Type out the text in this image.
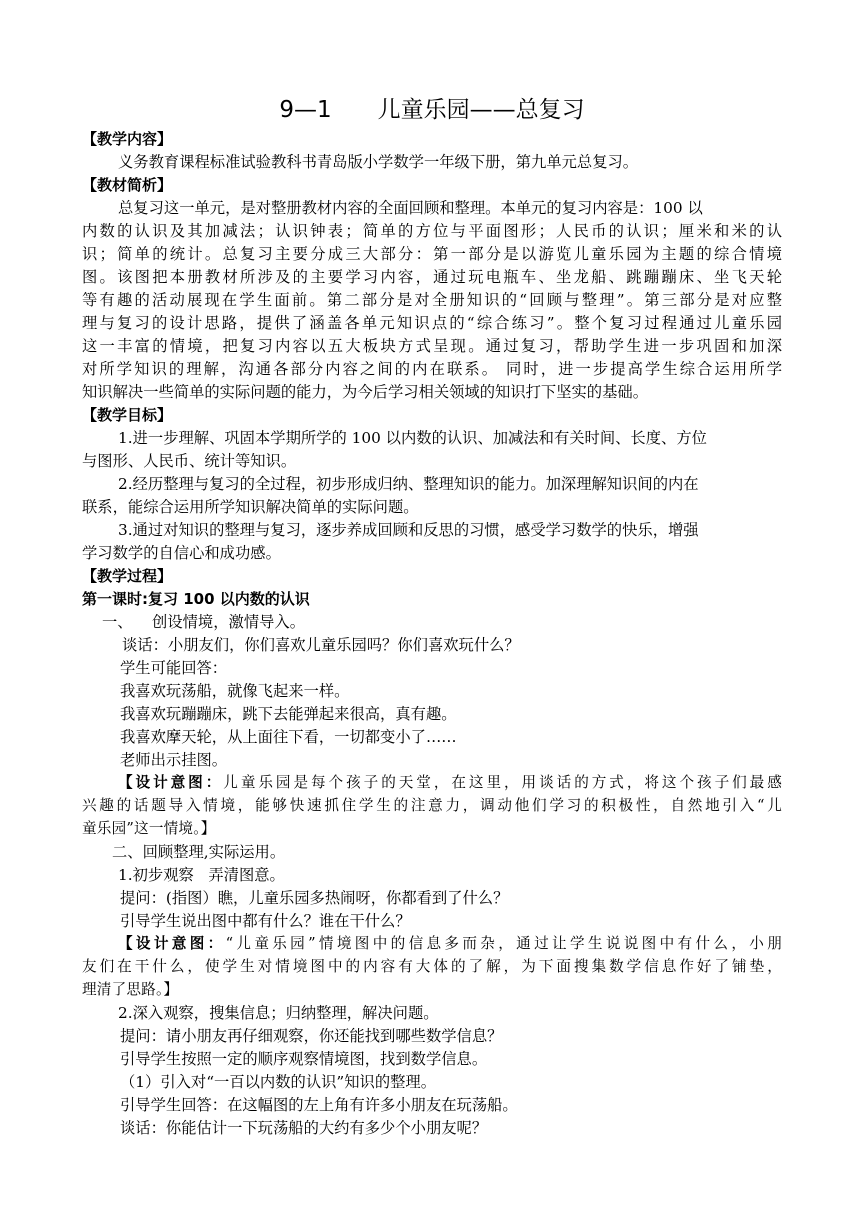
9—1 儿童乐园——总复习
【教学内容】
义务教育课程标准试验教科书青岛版小学数学一年级下册，第九单元总复习。
【教材简析】
总复习这一单元，是对整册教材内容的全面回顾和整理。本单元的复习内容是：100 以
内数的认识及其加减法；认识钟表；简单的方位与平面图形；人民币的认识；厘米和米的认
识；简单的统计。总复习主要分成三大部分：第一部分是以游览儿童乐园为主题的综合情境
图。该图把本册教材所涉及的主要学习内容，通过玩电瓶车、坐龙船、跳蹦蹦床、坐飞天轮
等有趣的活动展现在学生面前。第二部分是对全册知识的“回顾与整理”。第三部分是对应整
理与复习的设计思路，提供了涵盖各单元知识点的“综合练习”。整个复习过程通过儿童乐园
这一丰富的情境，把复习内容以五大板块方式呈现。通过复习，帮助学生进一步巩固和加深
对所学知识的理解，沟通各部分内容之间的内在联系。 同时，进一步提高学生综合运用所学
知识解决一些简单的实际问题的能力，为今后学习相关领域的知识打下坚实的基础。
【教学目标】
1.进一步理解、巩固本学期所学的 100 以内数的认识、加减法和有关时间、长度、方位
与图形、人民币、统计等知识。
2.经历整理与复习的全过程，初步形成归纳、整理知识的能力。加深理解知识间的内在
联系，能综合运用所学知识解决简单的实际问题。
3.通过对知识的整理与复习，逐步养成回顾和反思的习惯，感受学习数学的快乐，增强
学习数学的自信心和成功感。
【教学过程】
第一课时:复习 100 以内数的认识
一、    创设情境，激情导入。
谈话：小朋友们，你们喜欢儿童乐园吗？你们喜欢玩什么？
学生可能回答：
我喜欢玩荡船，就像飞起来一样。
我喜欢玩蹦蹦床，跳下去能弹起来很高，真有趣。
我喜欢摩天轮，从上面往下看，一切都变小了……
老师出示挂图。
【设计意图：儿童乐园是每个孩子的天堂，在这里，用谈话的方式，将这个孩子们最感
兴趣的话题导入情境，能够快速抓住学生的注意力，调动他们学习的积极性，自然地引入“儿
童乐园”这一情境。】
二、回顾整理,实际运用。
1.初步观察   弄清图意。
提问：(指图）瞧，儿童乐园多热闹呀，你都看到了什么？
引导学生说出图中都有什么？谁在干什么？
【设计意图：“儿童乐园”情境图中的信息多而杂，通过让学生说说图中有什么，小朋
友们在干什么，使学生对情境图中的内容有大体的了解，为下面搜集数学信息作好了铺垫，
理清了思路。】
2.深入观察，搜集信息；归纳整理，解决问题。
提问：请小朋友再仔细观察，你还能找到哪些数学信息？
引导学生按照一定的顺序观察情境图，找到数学信息。
（1）引入对“一百以内数的认识”知识的整理。
引导学生回答：在这幅图的左上角有许多小朋友在玩荡船。
谈话：你能估计一下玩荡船的大约有多少个小朋友呢？
